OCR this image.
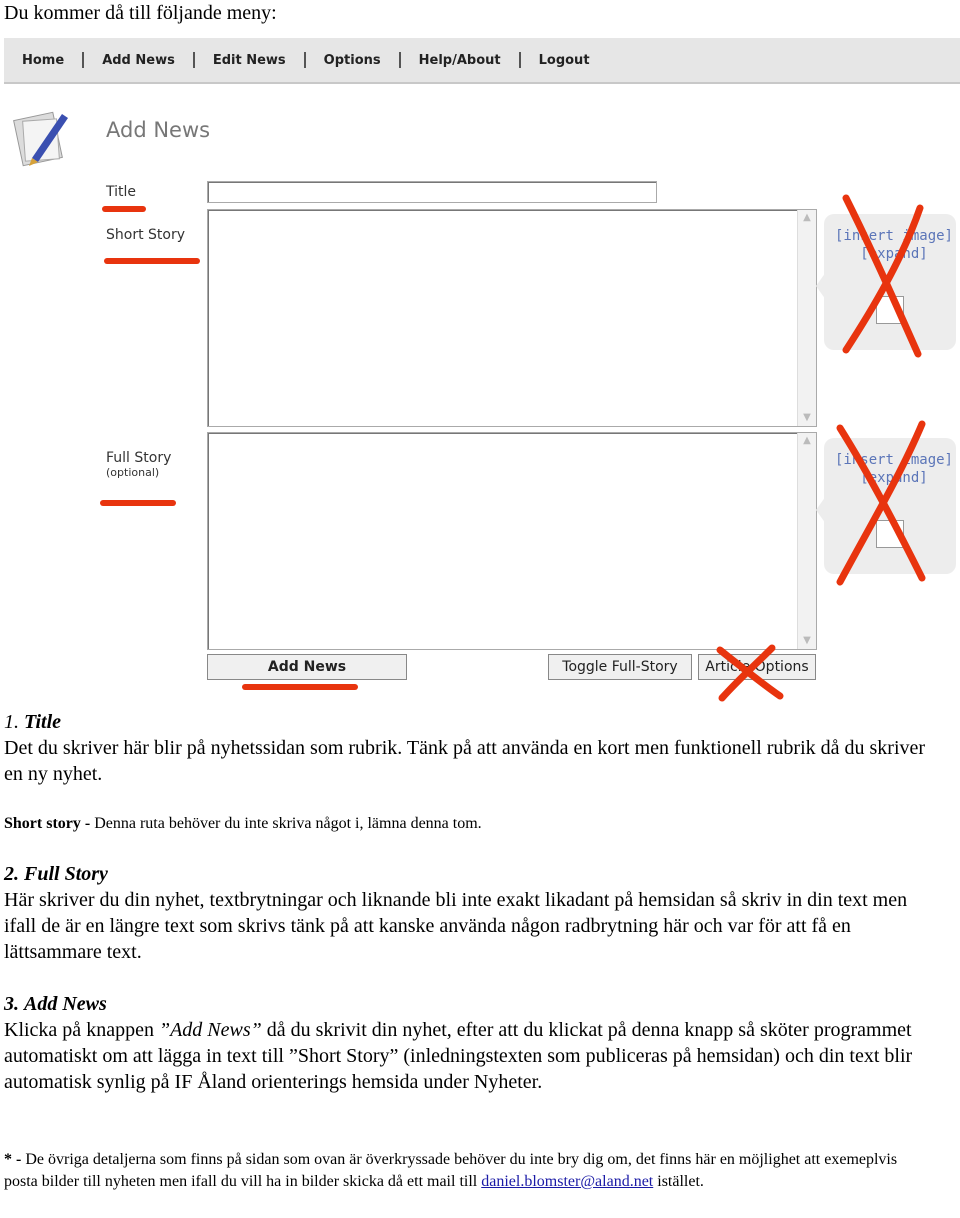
Du kommer då till följande meny:
Home	Add News	Edit News	Options	Help/About	Logout
Add News
Title
Short Story
Full Story
(optional)
▲
▼
▲
▼
[insert image]
[expand]
[insert image]
[expand]
Add News	Toggle Full-Story	Article Options
1. Title
Det du skriver här blir på nyhetssidan som rubrik. Tänk på att använda en kort men funktionell rubrik då du skriver en ny nyhet.
Short story - Denna ruta behöver du inte skriva något i, lämna denna tom.
2. Full Story
Här skriver du din nyhet, textbrytningar och liknande bli inte exakt likadant på hemsidan så skriv in din text men ifall de är en längre text som skrivs tänk på att kanske använda någon radbrytning här och var för att få en lättsammare text.
3. Add News
Klicka på knappen ”Add News” då du skrivit din nyhet, efter att du klickat på denna knapp så sköter programmet automatiskt om att lägga in text till ”Short Story” (inledningstexten som publiceras på hemsidan) och din text blir automatisk synlig på IF Åland orienterings hemsida under Nyheter.
* - De övriga detaljerna som finns på sidan som ovan är överkryssade behöver du inte bry dig om, det finns här en möjlighet att exemeplvis posta bilder till nyheten men ifall du vill ha in bilder skicka då ett mail till daniel.blomster@aland.net istället.
